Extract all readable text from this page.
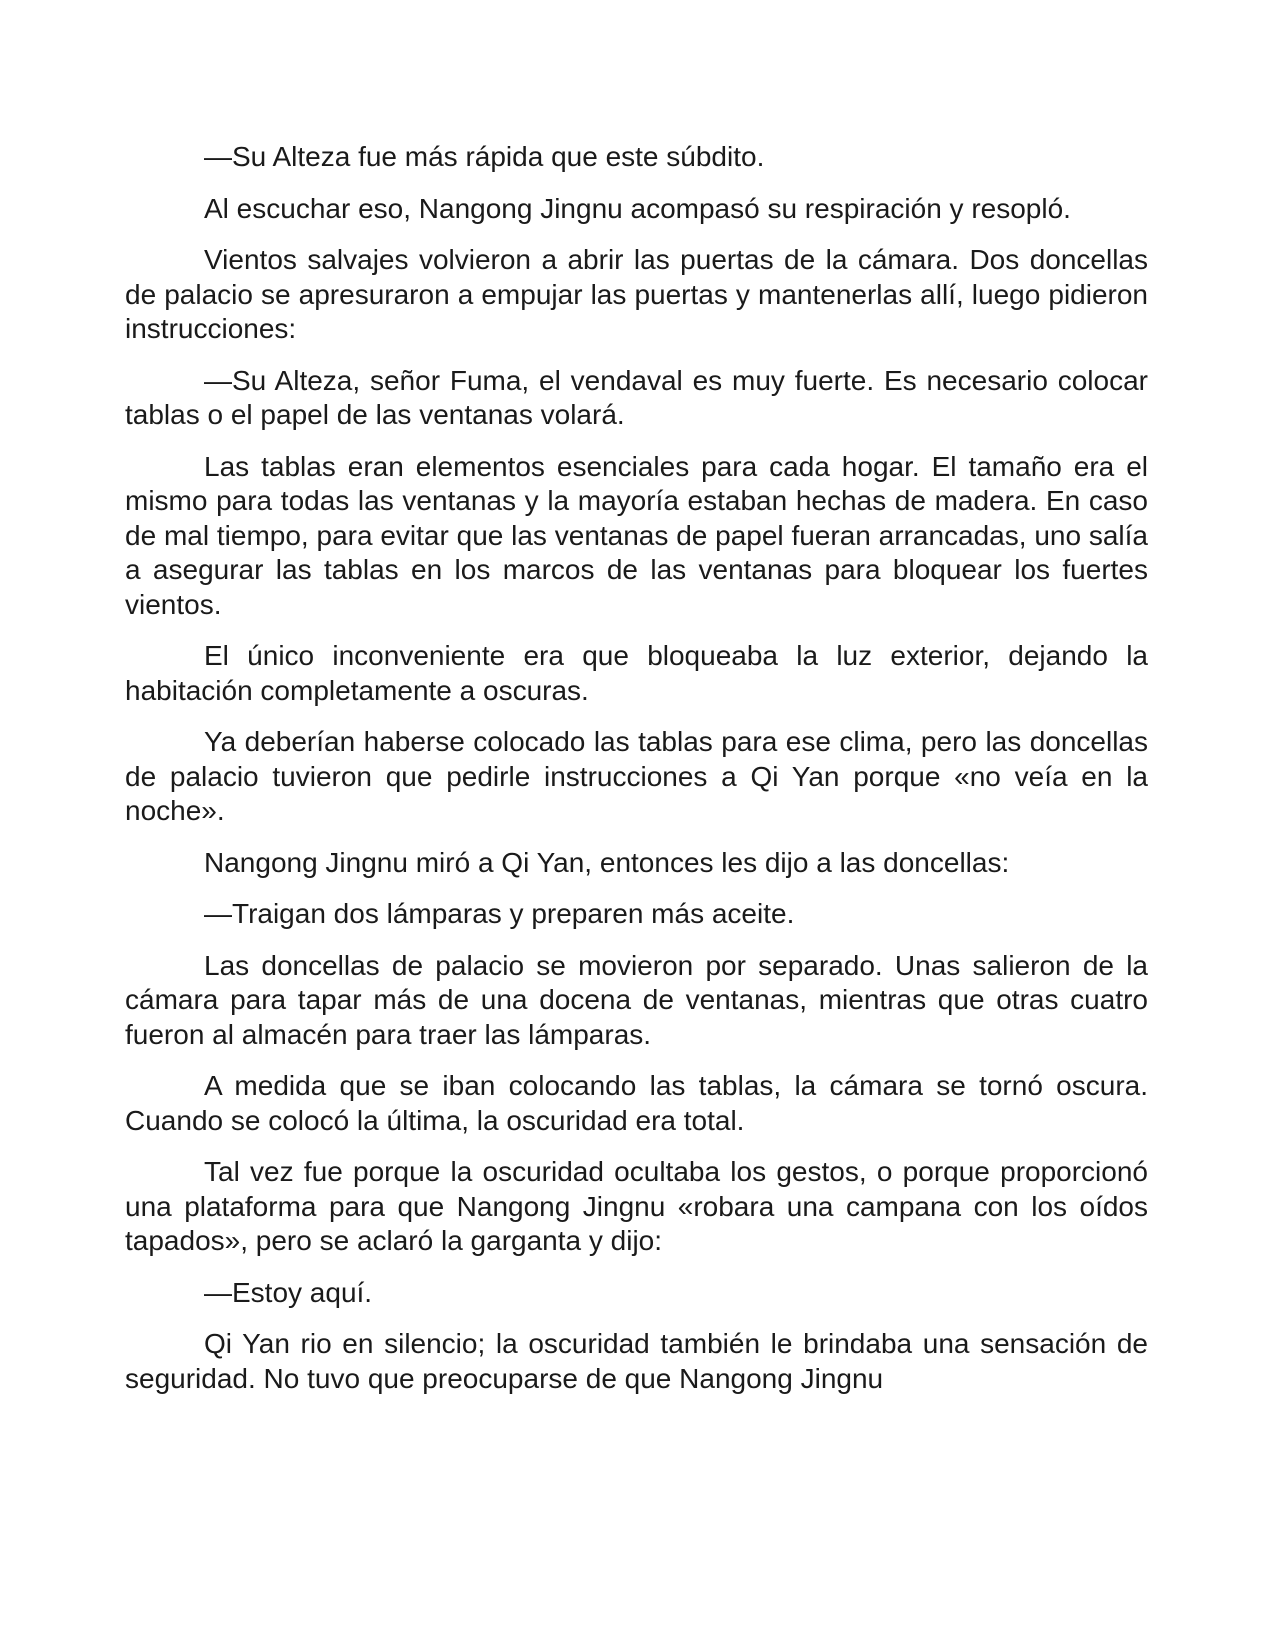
—Su Alteza fue más rápida que este súbdito.

Al escuchar eso, Nangong Jingnu acompasó su respiración y resopló.

Vientos salvajes volvieron a abrir las puertas de la cámara. Dos doncellas de palacio se apresuraron a empujar las puertas y mantenerlas allí, luego pidieron instrucciones:

—Su Alteza, señor Fuma, el vendaval es muy fuerte. Es necesario colocar tablas o el papel de las ventanas volará.

Las tablas eran elementos esenciales para cada hogar. El tamaño era el mismo para todas las ventanas y la mayoría estaban hechas de madera. En caso de mal tiempo, para evitar que las ventanas de papel fueran arrancadas, uno salía a asegurar las tablas en los marcos de las ventanas para bloquear los fuertes vientos.

El único inconveniente era que bloqueaba la luz exterior, dejando la habitación completamente a oscuras.

Ya deberían haberse colocado las tablas para ese clima, pero las doncellas de palacio tuvieron que pedirle instrucciones a Qi Yan porque «no veía en la noche».

Nangong Jingnu miró a Qi Yan, entonces les dijo a las doncellas:

—Traigan dos lámparas y preparen más aceite.

Las doncellas de palacio se movieron por separado. Unas salieron de la cámara para tapar más de una docena de ventanas, mientras que otras cuatro fueron al almacén para traer las lámparas.

A medida que se iban colocando las tablas, la cámara se tornó oscura. Cuando se colocó la última, la oscuridad era total.

Tal vez fue porque la oscuridad ocultaba los gestos, o porque proporcionó una plataforma para que Nangong Jingnu «robara una campana con los oídos tapados», pero se aclaró la garganta y dijo:

—Estoy aquí.

Qi Yan rio en silencio; la oscuridad también le brindaba una sensación de seguridad. No tuvo que preocuparse de que Nangong Jingnu
